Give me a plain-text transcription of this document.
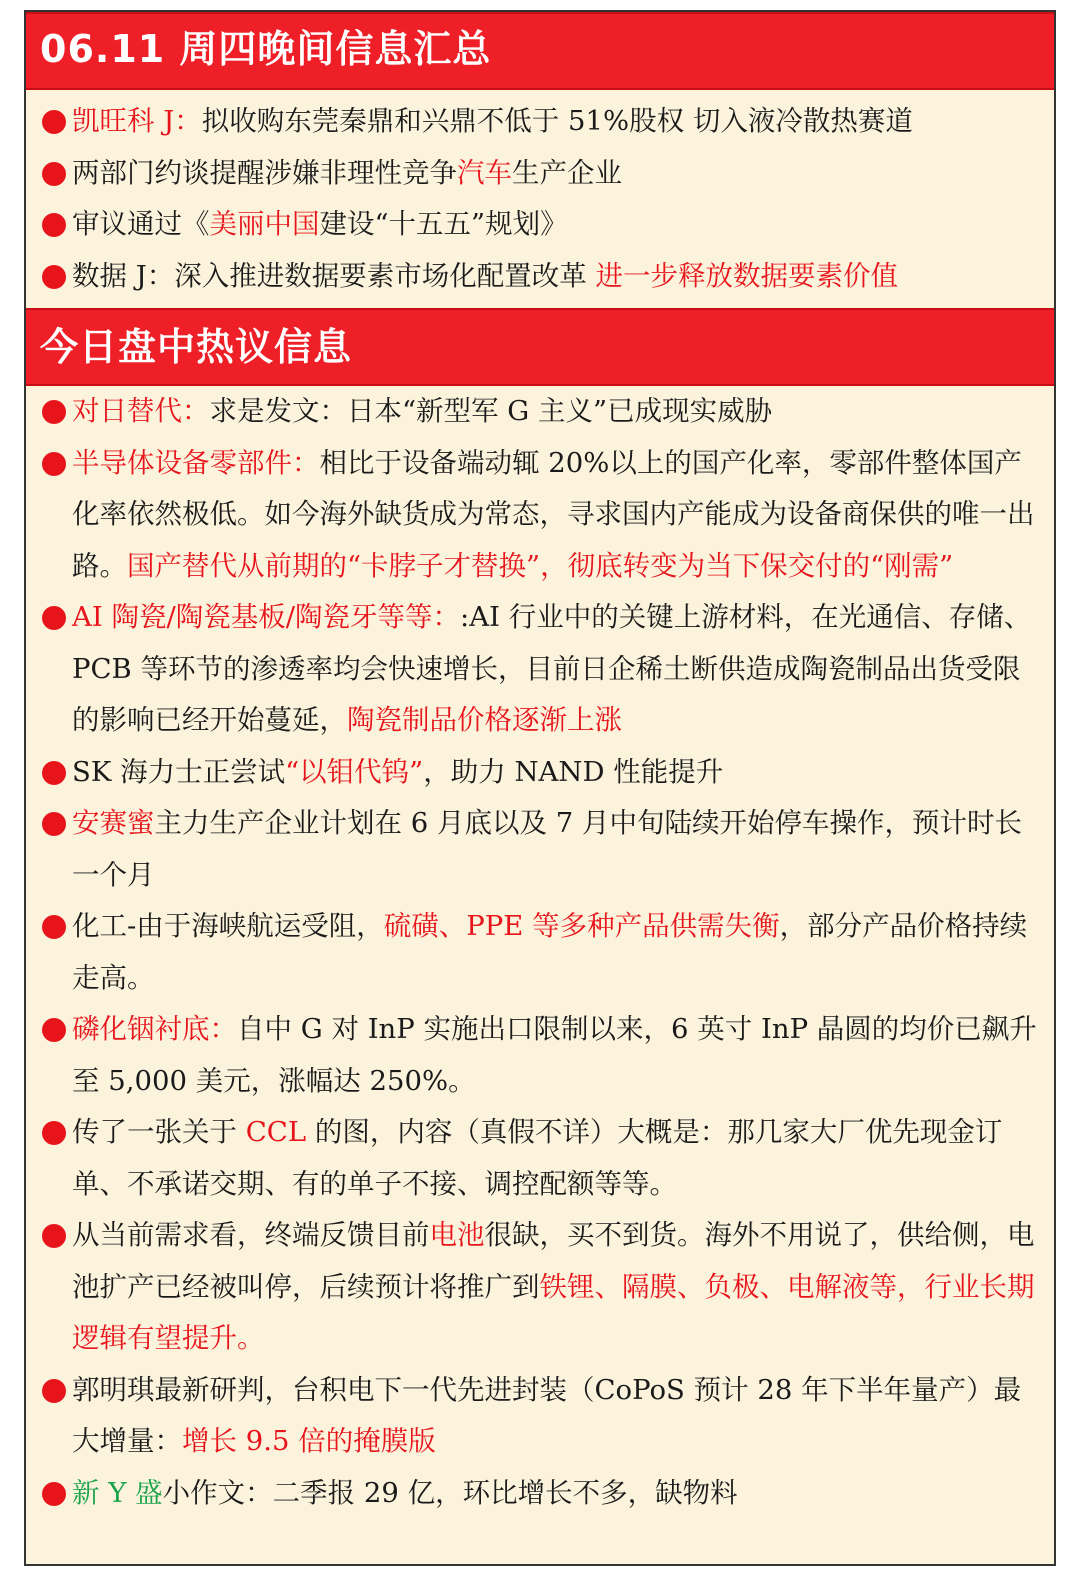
06.11 周四晚间信息汇总
凯旺科 J：拟收购东莞秦鼎和兴鼎不低于 51%股权 切入液冷散热赛道
两部门约谈提醒涉嫌非理性竞争汽车生产企业
审议通过《美丽中国建设“十五五”规划》
数据 J：深入推进数据要素市场化配置改革 进一步释放数据要素价值
今日盘中热议信息
对日替代：求是发文：日本“新型军 G 主义”已成现实威胁
半导体设备零部件：相比于设备端动辄 20%以上的国产化率，零部件整体国产化率依然极低。如今海外缺货成为常态，寻求国内产能成为设备商保供的唯一出路。国产替代从前期的“卡脖子才替换”，彻底转变为当下保交付的“刚需”
AI 陶瓷/陶瓷基板/陶瓷牙等等：:AI 行业中的关键上游材料，在光通信、存储、PCB 等环节的渗透率均会快速增长，目前日企稀土断供造成陶瓷制品出货受限的影响已经开始蔓延，陶瓷制品价格逐渐上涨
SK 海力士正尝试“以钼代钨”，助力 NAND 性能提升
安赛蜜主力生产企业计划在 6 月底以及 7 月中旬陆续开始停车操作，预计时长一个月
化工-由于海峡航运受阻，硫磺、PPE 等多种产品供需失衡，部分产品价格持续走高。
磷化铟衬底：自中 G 对 InP 实施出口限制以来，6 英寸 InP 晶圆的均价已飙升至 5,000 美元，涨幅达 250%。
传了一张关于 CCL 的图，内容（真假不详）大概是：那几家大厂优先现金订单、不承诺交期、有的单子不接、调控配额等等。
从当前需求看，终端反馈目前电池很缺，买不到货。海外不用说了，供给侧，电池扩产已经被叫停，后续预计将推广到铁锂、隔膜、负极、电解液等，行业长期逻辑有望提升。
郭明琪最新研判，台积电下一代先进封装（CoPoS 预计 28 年下半年量产）最大增量：增长 9.5 倍的掩膜版
新 Y 盛小作文：二季报 29 亿，环比增长不多，缺物料
